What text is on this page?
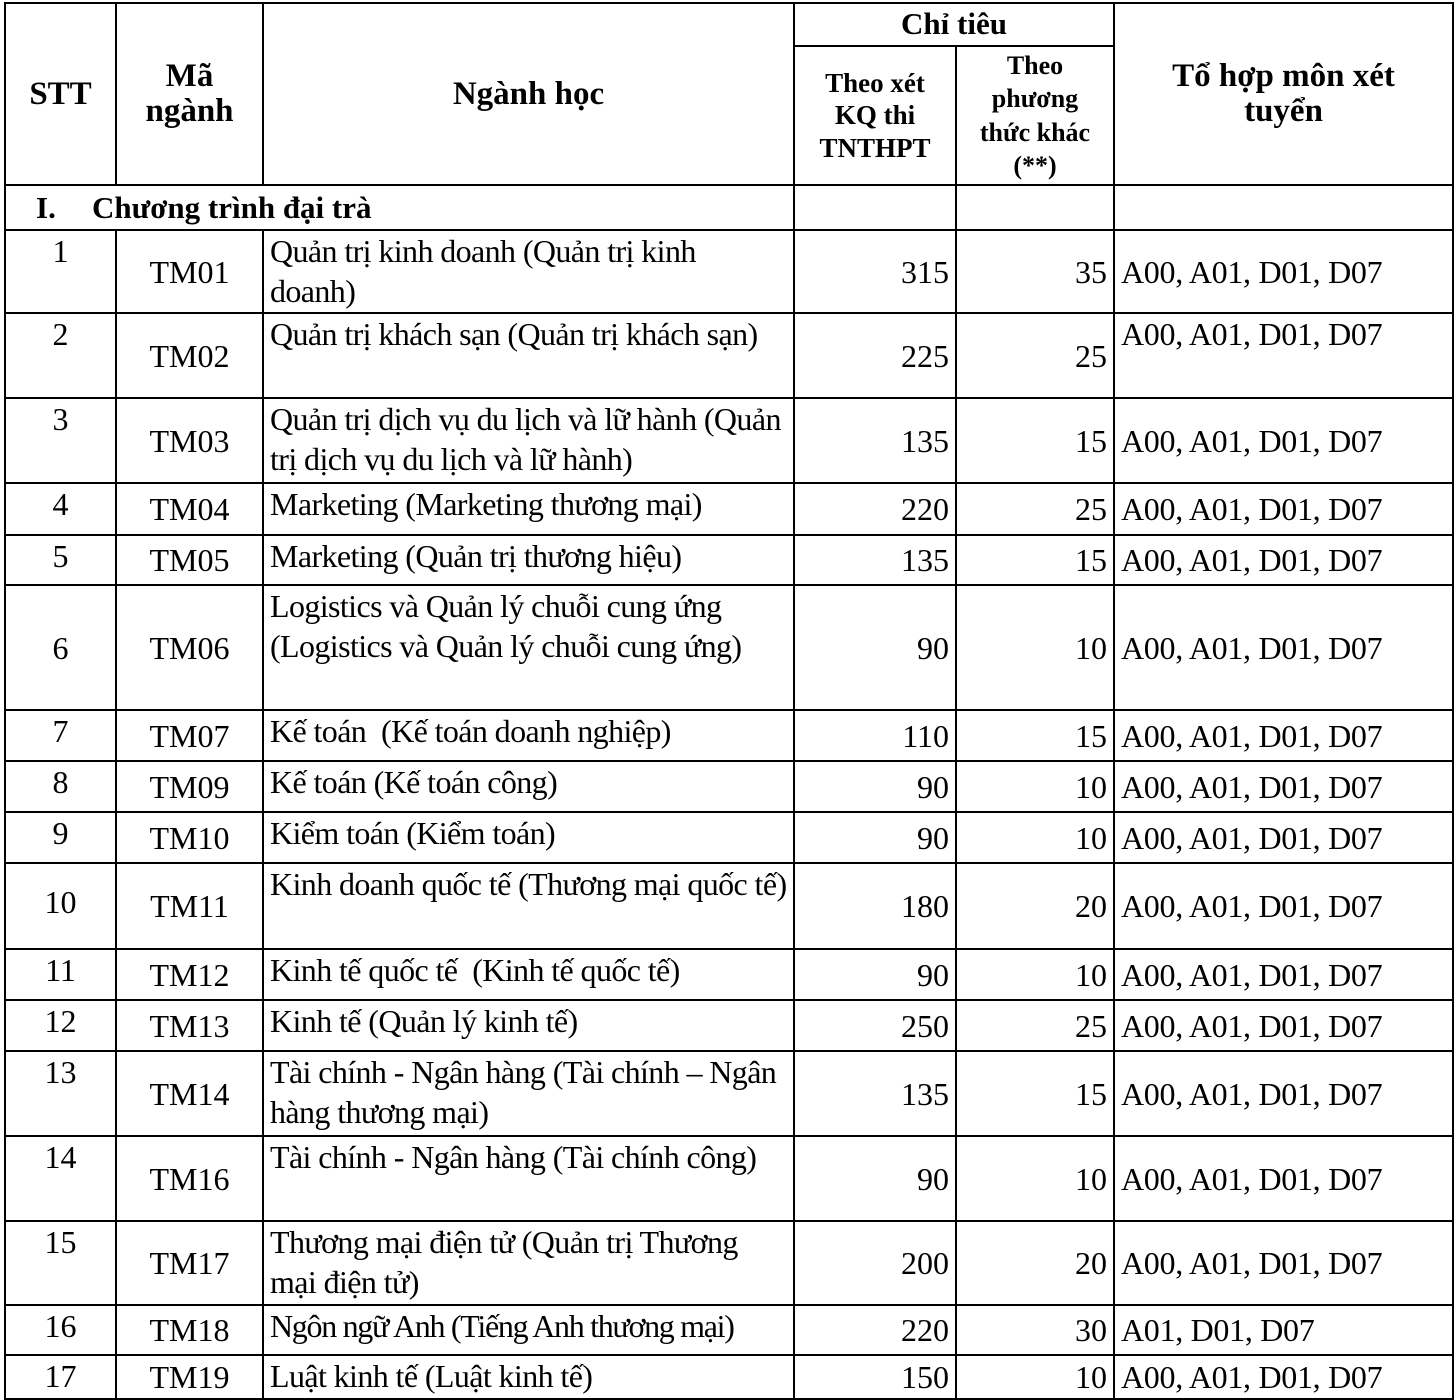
STT	Mã ngành	Ngành học	Chỉ tiêu		Tổ hợp môn xét tuyển
			Theo xét KQ thi TNTHPT	Theo phương thức khác (**)	
I. Chương trình đại trà					
1	TM01	Quản trị kinh doanh (Quản trị kinh doanh)	315	35	A00, A01, D01, D07
2	TM02	Quản trị khách sạn (Quản trị khách sạn)	225	25	A00, A01, D01, D07
3	TM03	Quản trị dịch vụ du lịch và lữ hành (Quản trị dịch vụ du lịch và lữ hành)	135	15	A00, A01, D01, D07
4	TM04	Marketing (Marketing thương mại)	220	25	A00, A01, D01, D07
5	TM05	Marketing (Quản trị thương hiệu)	135	15	A00, A01, D01, D07
6	TM06	Logistics và Quản lý chuỗi cung ứng (Logistics và Quản lý chuỗi cung ứng)	90	10	A00, A01, D01, D07
7	TM07	Kế toán  (Kế toán doanh nghiệp)	110	15	A00, A01, D01, D07
8	TM09	Kế toán (Kế toán công)	90	10	A00, A01, D01, D07
9	TM10	Kiểm toán (Kiểm toán)	90	10	A00, A01, D01, D07
10	TM11	Kinh doanh quốc tế (Thương mại quốc tế)	180	20	A00, A01, D01, D07
11	TM12	Kinh tế quốc tế  (Kinh tế quốc tế)	90	10	A00, A01, D01, D07
12	TM13	Kinh tế (Quản lý kinh tế)	250	25	A00, A01, D01, D07
13	TM14	Tài chính - Ngân hàng (Tài chính – Ngân hàng thương mại)	135	15	A00, A01, D01, D07
14	TM16	Tài chính - Ngân hàng (Tài chính công)	90	10	A00, A01, D01, D07
15	TM17	Thương mại điện tử (Quản trị Thương mại điện tử)	200	20	A00, A01, D01, D07
16	TM18	Ngôn ngữ Anh (Tiếng Anh thương mại)	220	30	A01, D01, D07
17	TM19	Luật kinh tế (Luật kinh tế)	150	10	A00, A01, D01, D07
